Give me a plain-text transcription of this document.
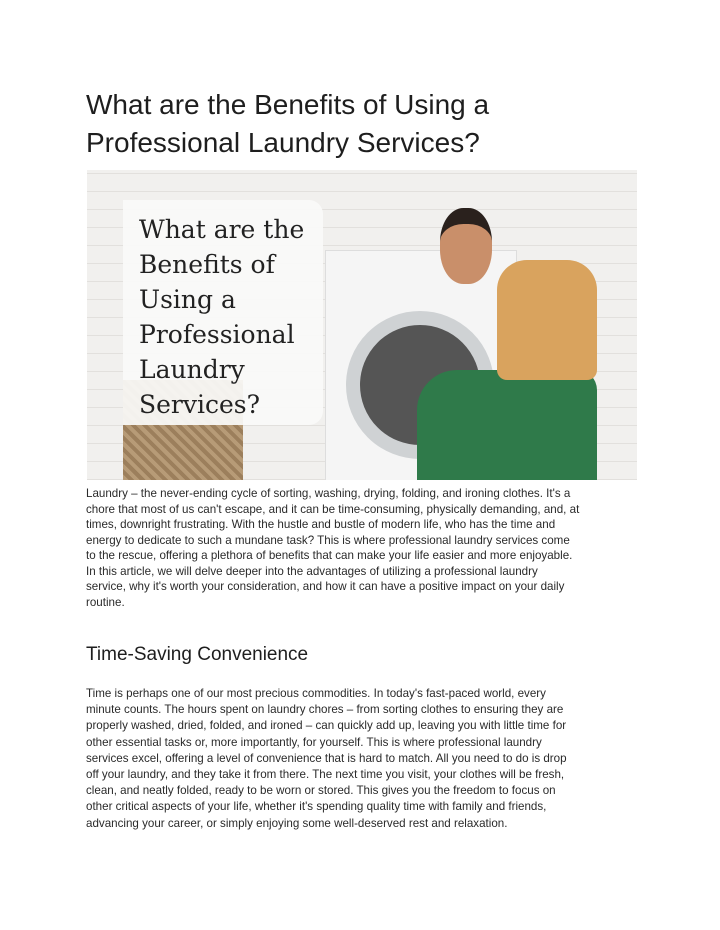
What are the Benefits of Using a
Professional Laundry Services?
What are the
Benefits of
Using a
Professional
Laundry
Services?
Laundry – the never-ending cycle of sorting, washing, drying, folding, and ironing clothes. It's a
chore that most of us can't escape, and it can be time-consuming, physically demanding, and, at
times, downright frustrating. With the hustle and bustle of modern life, who has the time and
energy to dedicate to such a mundane task? This is where professional laundry services come
to the rescue, offering a plethora of benefits that can make your life easier and more enjoyable.
In this article, we will delve deeper into the advantages of utilizing a professional laundry
service, why it's worth your consideration, and how it can have a positive impact on your daily
routine.
Time-Saving Convenience
Time is perhaps one of our most precious commodities. In today's fast-paced world, every
minute counts. The hours spent on laundry chores – from sorting clothes to ensuring they are
properly washed, dried, folded, and ironed – can quickly add up, leaving you with little time for
other essential tasks or, more importantly, for yourself. This is where professional laundry
services excel, offering a level of convenience that is hard to match. All you need to do is drop
off your laundry, and they take it from there. The next time you visit, your clothes will be fresh,
clean, and neatly folded, ready to be worn or stored. This gives you the freedom to focus on
other critical aspects of your life, whether it's spending quality time with family and friends,
advancing your career, or simply enjoying some well-deserved rest and relaxation.
